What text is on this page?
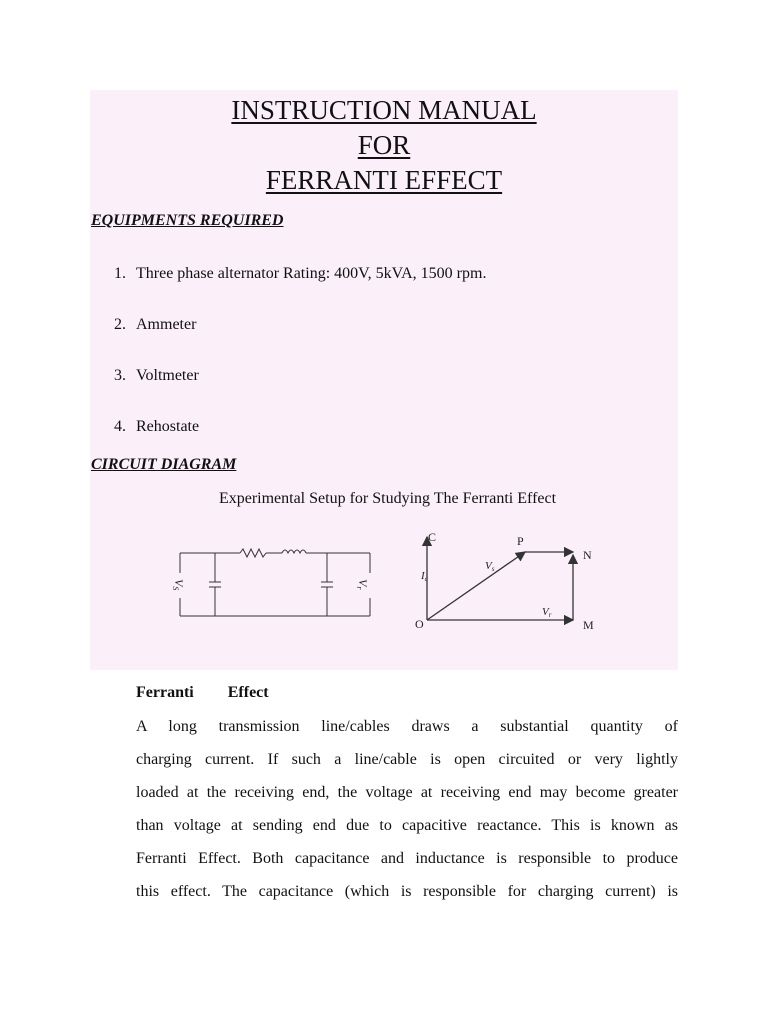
INSTRUCTION MANUAL
FOR
FERRANTI EFFECT
EQUIPMENTS REQUIRED
1. Three phase alternator Rating: 400V, 5kVA, 1500 rpm.
2. Ammeter
3. Voltmeter
4. Rehostate
CIRCUIT DIAGRAM
Experimental Setup for Studying The Ferranti Effect
VS
Vr
C	P
N
O	M
Ic
Vs
Vr
Ferranti Effect
A long transmission line/cables draws a substantial quantity of
charging current. If such a line/cable is open circuited or very lightly
loaded at the receiving end, the voltage at receiving end may become greater
than voltage at sending end due to capacitive reactance. This is known as
Ferranti Effect. Both capacitance and inductance is responsible to produce
this effect. The capacitance (which is responsible for charging current) is
